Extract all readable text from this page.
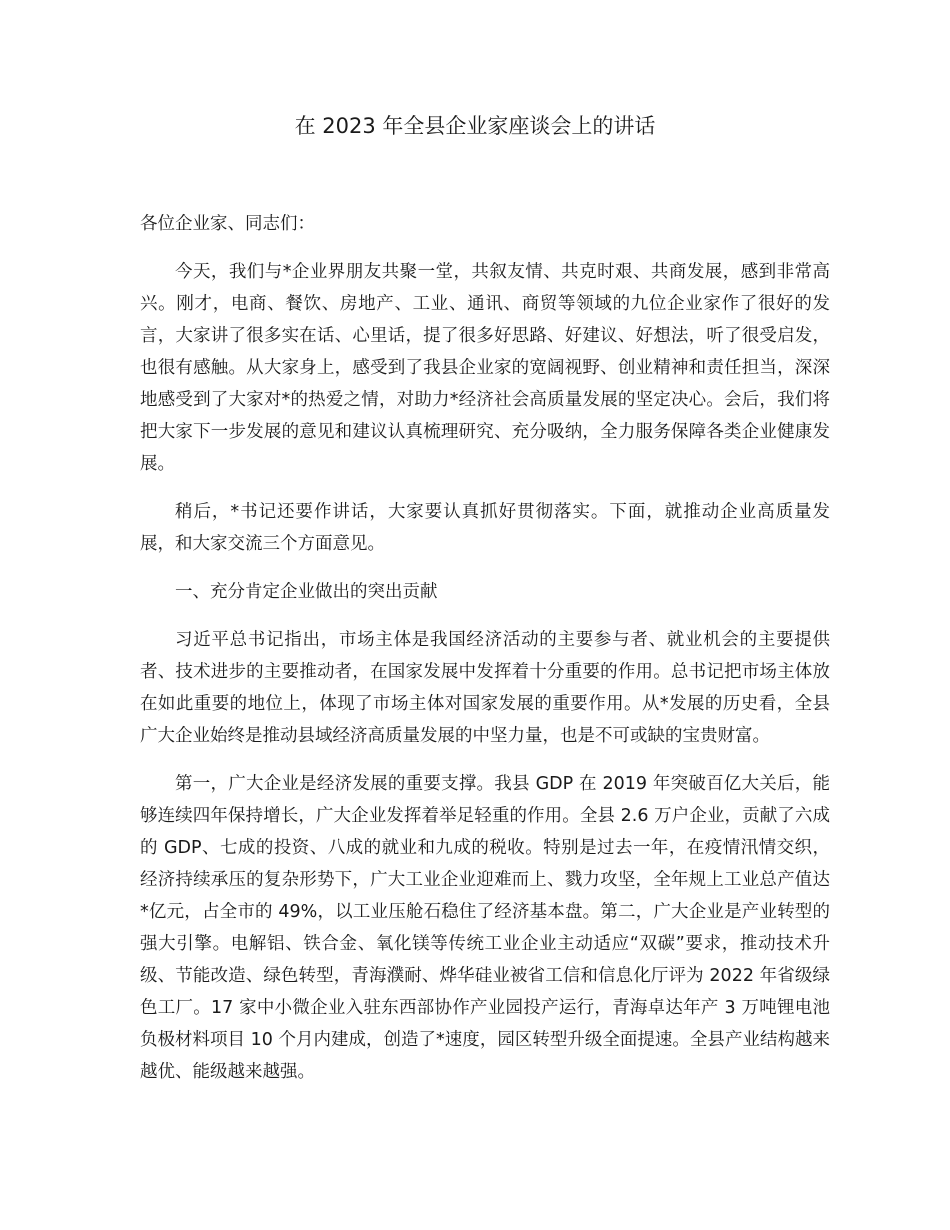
在 2023 年全县企业家座谈会上的讲话

各位企业家、同志们：

今天，我们与*企业界朋友共聚一堂，共叙友情、共克时艰、共商发展，感到非常高兴。刚才，电商、餐饮、房地产、工业、通讯、商贸等领域的九位企业家作了很好的发言，大家讲了很多实在话、心里话，提了很多好思路、好建议、好想法，听了很受启发，也很有感触。从大家身上，感受到了我县企业家的宽阔视野、创业精神和责任担当，深深地感受到了大家对*的热爱之情，对助力*经济社会高质量发展的坚定决心。会后，我们将把大家下一步发展的意见和建议认真梳理研究、充分吸纳，全力服务保障各类企业健康发展。

稍后，*书记还要作讲话，大家要认真抓好贯彻落实。下面，就推动企业高质量发展，和大家交流三个方面意见。

一、充分肯定企业做出的突出贡献

习近平总书记指出，市场主体是我国经济活动的主要参与者、就业机会的主要提供者、技术进步的主要推动者，在国家发展中发挥着十分重要的作用。总书记把市场主体放在如此重要的地位上，体现了市场主体对国家发展的重要作用。从*发展的历史看，全县广大企业始终是推动县域经济高质量发展的中坚力量，也是不可或缺的宝贵财富。

第一，广大企业是经济发展的重要支撑。我县 GDP 在 2019 年突破百亿大关后，能够连续四年保持增长，广大企业发挥着举足轻重的作用。全县 2.6 万户企业，贡献了六成的 GDP、七成的投资、八成的就业和九成的税收。特别是过去一年，在疫情汛情交织，经济持续承压的复杂形势下，广大工业企业迎难而上、戮力攻坚，全年规上工业总产值达*亿元，占全市的 49%，以工业压舱石稳住了经济基本盘。第二，广大企业是产业转型的强大引擎。电解铝、铁合金、氧化镁等传统工业企业主动适应“双碳”要求，推动技术升级、节能改造、绿色转型，青海濮耐、烨华硅业被省工信和信息化厅评为 2022 年省级绿色工厂。17 家中小微企业入驻东西部协作产业园投产运行，青海卓达年产 3 万吨锂电池负极材料项目 10 个月内建成，创造了*速度，园区转型升级全面提速。全县产业结构越来越优、能级越来越强。
